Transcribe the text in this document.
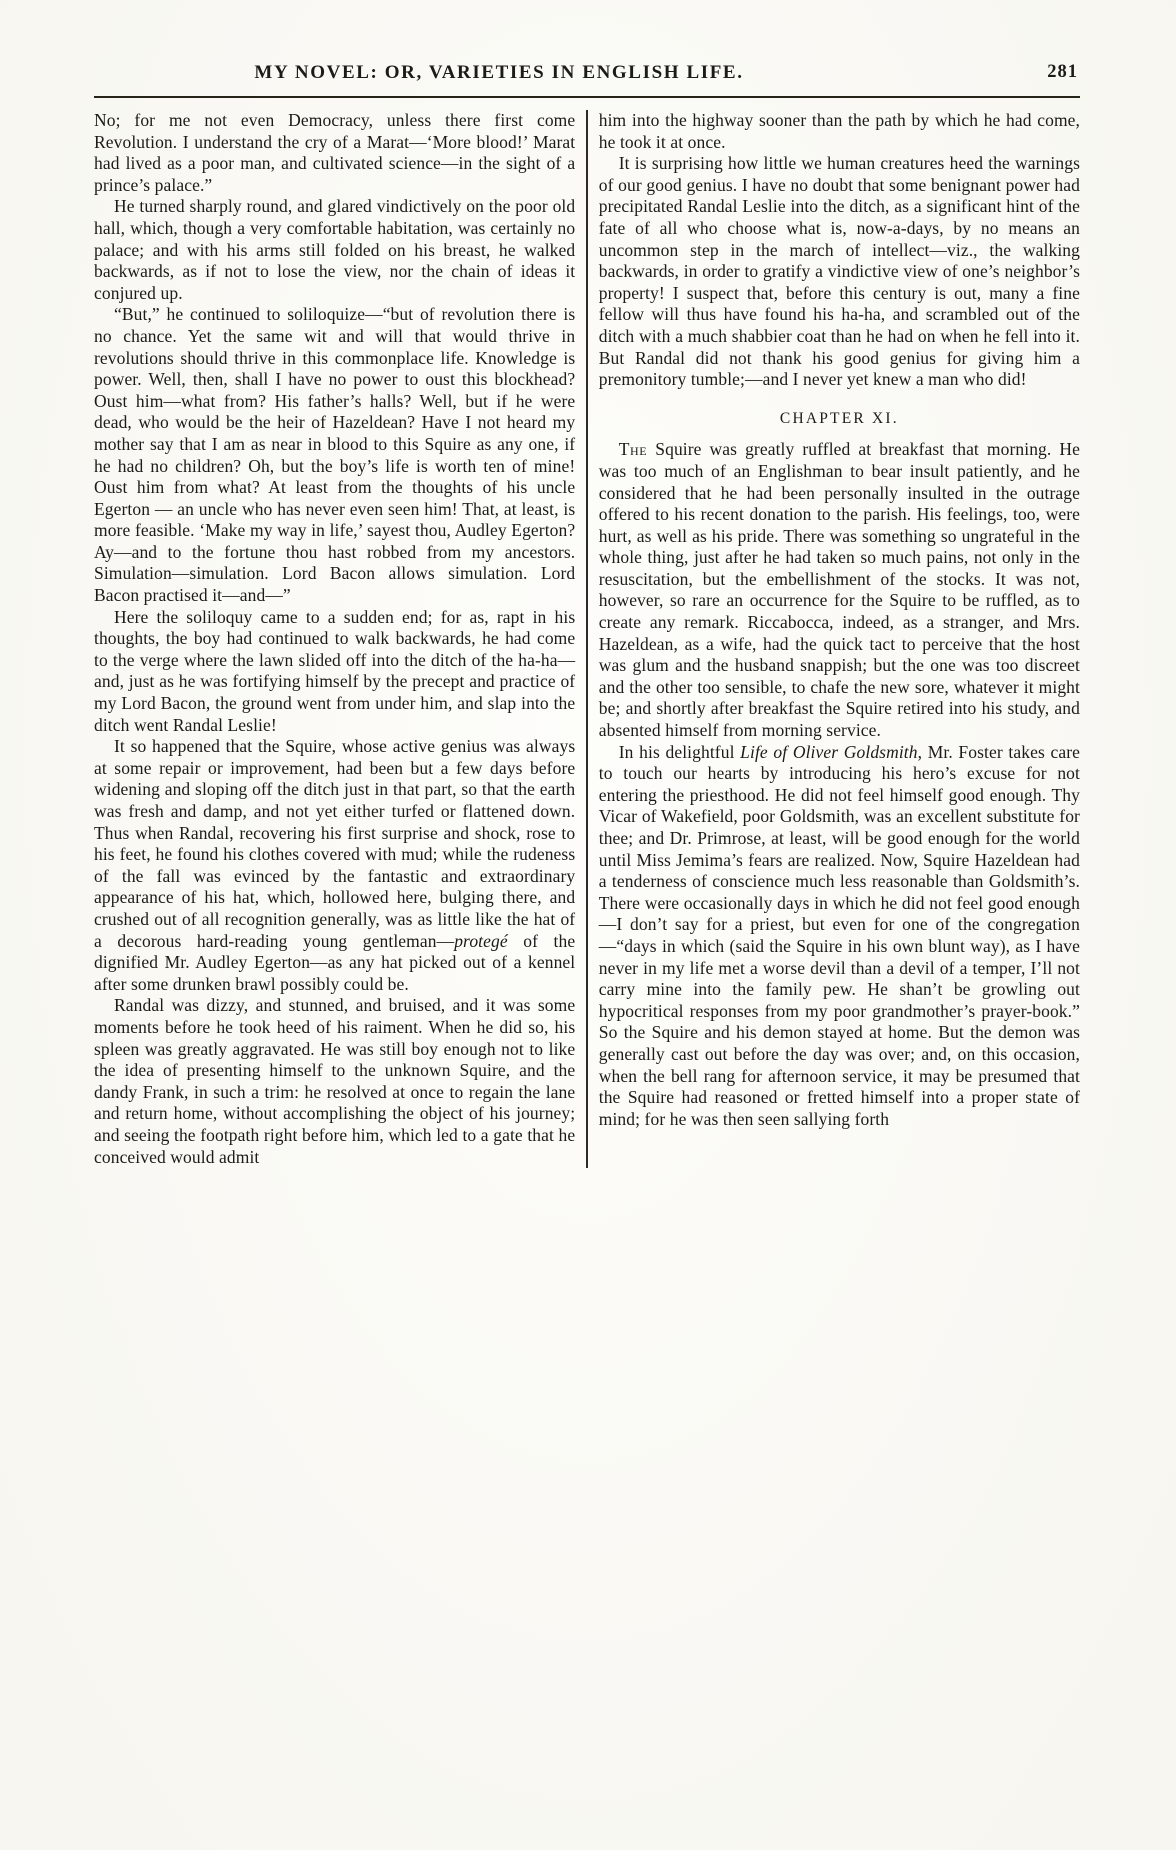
MY NOVEL: OR, VARIETIES IN ENGLISH LIFE.	281

No; for me not even Democracy, unless there first come Revolution. I understand the cry of a Marat—‘More blood!’ Marat had lived as a poor man, and cultivated science—in the sight of a prince’s palace.”

He turned sharply round, and glared vindictively on the poor old hall, which, though a very comfortable habitation, was certainly no palace; and with his arms still folded on his breast, he walked backwards, as if not to lose the view, nor the chain of ideas it conjured up.

“But,” he continued to soliloquize—“but of revolution there is no chance. Yet the same wit and will that would thrive in revolutions should thrive in this commonplace life. Knowledge is power. Well, then, shall I have no power to oust this blockhead? Oust him—what from? His father’s halls? Well, but if he were dead, who would be the heir of Hazeldean? Have I not heard my mother say that I am as near in blood to this Squire as any one, if he had no children? Oh, but the boy’s life is worth ten of mine! Oust him from what? At least from the thoughts of his uncle Egerton — an uncle who has never even seen him! That, at least, is more feasible. ‘Make my way in life,’ sayest thou, Audley Egerton? Ay—and to the fortune thou hast robbed from my ancestors. Simulation—simulation. Lord Bacon allows simulation. Lord Bacon practised it—and—”

Here the soliloquy came to a sudden end; for as, rapt in his thoughts, the boy had continued to walk backwards, he had come to the verge where the lawn slided off into the ditch of the ha-ha—and, just as he was fortifying himself by the precept and practice of my Lord Bacon, the ground went from under him, and slap into the ditch went Randal Leslie!

It so happened that the Squire, whose active genius was always at some repair or improvement, had been but a few days before widening and sloping off the ditch just in that part, so that the earth was fresh and damp, and not yet either turfed or flattened down. Thus when Randal, recovering his first surprise and shock, rose to his feet, he found his clothes covered with mud; while the rudeness of the fall was evinced by the fantastic and extraordinary appearance of his hat, which, hollowed here, bulging there, and crushed out of all recognition generally, was as little like the hat of a decorous hard-reading young gentleman—protegé of the dignified Mr. Audley Egerton—as any hat picked out of a kennel after some drunken brawl possibly could be.

Randal was dizzy, and stunned, and bruised, and it was some moments before he took heed of his raiment. When he did so, his spleen was greatly aggravated. He was still boy enough not to like the idea of presenting himself to the unknown Squire, and the dandy Frank, in such a trim: he resolved at once to regain the lane and return home, without accomplishing the object of his journey; and seeing the footpath right before him, which led to a gate that he conceived would admit

him into the highway sooner than the path by which he had come, he took it at once.

It is surprising how little we human creatures heed the warnings of our good genius. I have no doubt that some benignant power had precipitated Randal Leslie into the ditch, as a significant hint of the fate of all who choose what is, now-a-days, by no means an uncommon step in the march of intellect—viz., the walking backwards, in order to gratify a vindictive view of one’s neighbor’s property! I suspect that, before this century is out, many a fine fellow will thus have found his ha-ha, and scrambled out of the ditch with a much shabbier coat than he had on when he fell into it. But Randal did not thank his good genius for giving him a premonitory tumble;—and I never yet knew a man who did!

CHAPTER XI.

The Squire was greatly ruffled at breakfast that morning. He was too much of an Englishman to bear insult patiently, and he considered that he had been personally insulted in the outrage offered to his recent donation to the parish. His feelings, too, were hurt, as well as his pride. There was something so ungrateful in the whole thing, just after he had taken so much pains, not only in the resuscitation, but the embellishment of the stocks. It was not, however, so rare an occurrence for the Squire to be ruffled, as to create any remark. Riccabocca, indeed, as a stranger, and Mrs. Hazeldean, as a wife, had the quick tact to perceive that the host was glum and the husband snappish; but the one was too discreet and the other too sensible, to chafe the new sore, whatever it might be; and shortly after breakfast the Squire retired into his study, and absented himself from morning service.

In his delightful Life of Oliver Goldsmith, Mr. Foster takes care to touch our hearts by introducing his hero’s excuse for not entering the priesthood. He did not feel himself good enough. Thy Vicar of Wakefield, poor Goldsmith, was an excellent substitute for thee; and Dr. Primrose, at least, will be good enough for the world until Miss Jemima’s fears are realized. Now, Squire Hazeldean had a tenderness of conscience much less reasonable than Goldsmith’s. There were occasionally days in which he did not feel good enough—I don’t say for a priest, but even for one of the congregation—“days in which (said the Squire in his own blunt way), as I have never in my life met a worse devil than a devil of a temper, I’ll not carry mine into the family pew. He shan’t be growling out hypocritical responses from my poor grandmother’s prayer-book.” So the Squire and his demon stayed at home. But the demon was generally cast out before the day was over; and, on this occasion, when the bell rang for afternoon service, it may be presumed that the Squire had reasoned or fretted himself into a proper state of mind; for he was then seen sallying forth
